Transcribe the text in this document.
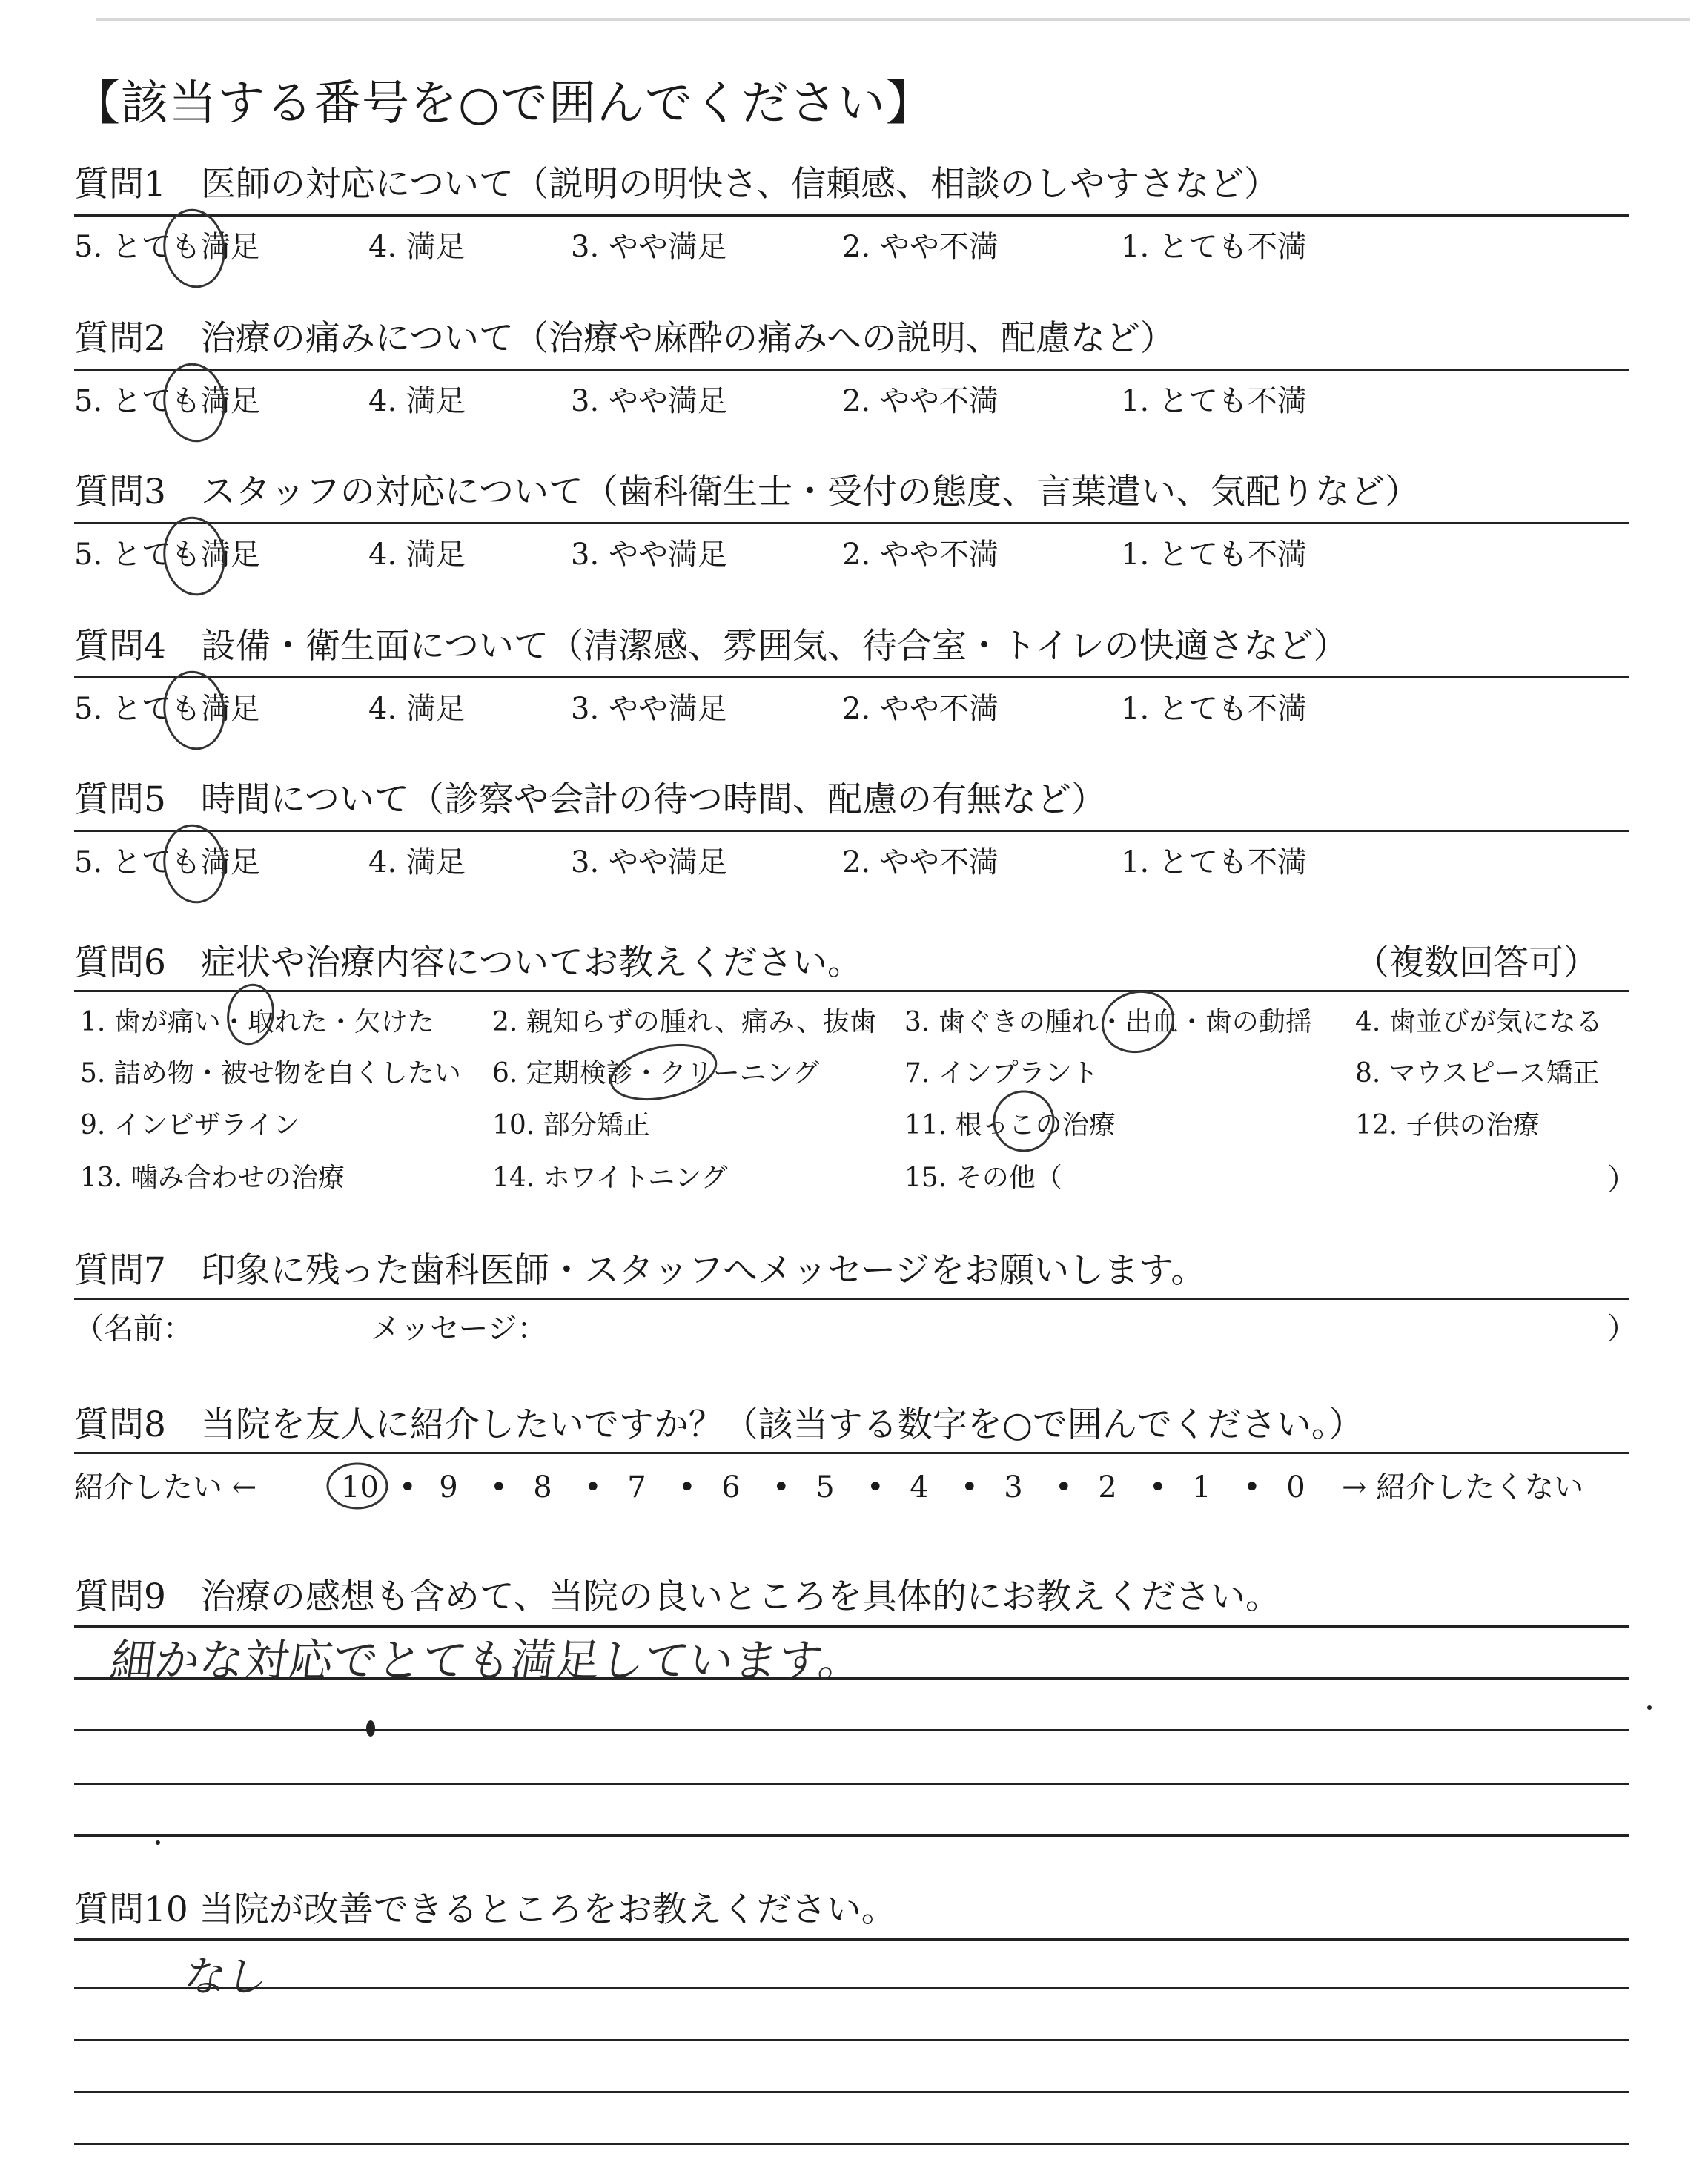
【該当する番号を○で囲んでください】
質問1　医師の対応について（説明の明快さ、信頼感、相談のしやすさなど）
5. とても満足	4. 満足	3. やや満足	2. やや不満	1. とても不満
質問2　治療の痛みについて（治療や麻酔の痛みへの説明、配慮など）
5. とても満足	4. 満足	3. やや満足	2. やや不満	1. とても不満
質問3　スタッフの対応について（歯科衛生士・受付の態度、言葉遣い、気配りなど）
5. とても満足	4. 満足	3. やや満足	2. やや不満	1. とても不満
質問4　設備・衛生面について（清潔感、雰囲気、待合室・トイレの快適さなど）
5. とても満足	4. 満足	3. やや満足	2. やや不満	1. とても不満
質問5　時間について（診察や会計の待つ時間、配慮の有無など）
5. とても満足	4. 満足	3. やや満足	2. やや不満	1. とても不満
質問6　症状や治療内容についてお教えください。	（複数回答可）
1. 歯が痛い・取れた・欠けた 2. 親知らずの腫れ、痛み、抜歯 3. 歯ぐきの腫れ・出血・歯の動揺 4. 歯並びが気になる
5. 詰め物・被せ物を白くしたい 6. 定期検診・クリーニング	7. インプラント	8. マウスピース矯正
9. インビザライン	10. 部分矯正	11. 根っこの治療	12. 子供の治療
13. 噛み合わせの治療	14. ホワイトニング	15. その他（	）
質問7　印象に残った歯科医師・スタッフへメッセージをお願いします。
（名前：	メッセージ：	）
質問8　当院を友人に紹介したいですか？（該当する数字を○で囲んでください。）
紹介したい ←	10 • 9 • 8 • 7 • 6 • 5 • 4 • 3 • 2 • 1 • 0 → 紹介したくない
質問9　治療の感想も含めて、当院の良いところを具体的にお教えください。
細かな対応でとても満足しています。
質問10 当院が改善できるところをお教えください。
なし
